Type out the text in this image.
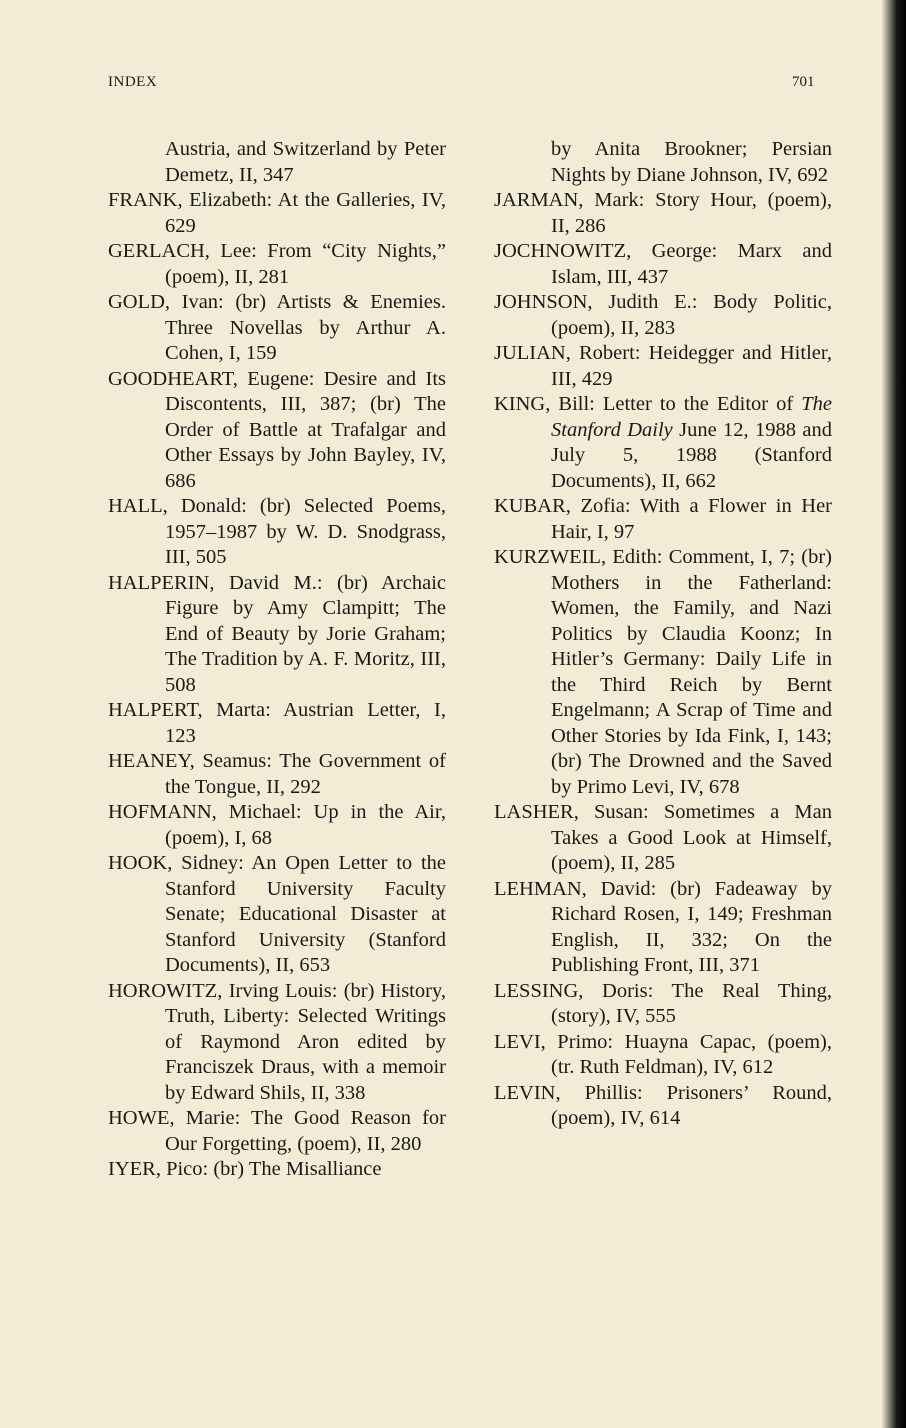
INDEX	701

Austria, and Switzerland by Peter Demetz, II, 347

FRANK, Elizabeth: At the Galleries, IV, 629

GERLACH, Lee: From “City Nights,” (poem), II, 281

GOLD, Ivan: (br) Artists & Enemies. Three Novellas by Arthur A. Cohen, I, 159

GOODHEART, Eugene: Desire and Its Discontents, III, 387; (br) The Order of Battle at Trafalgar and Other Essays by John Bayley, IV, 686

HALL, Donald: (br) Selected Poems, 1957–1987 by W. D. Snodgrass, III, 505

HALPERIN, David M.: (br) Archaic Figure by Amy Clampitt; The End of Beauty by Jorie Graham; The Tradition by A. F. Moritz, III, 508

HALPERT, Marta: Austrian Letter, I, 123

HEANEY, Seamus: The Government of the Tongue, II, 292

HOFMANN, Michael: Up in the Air, (poem), I, 68

HOOK, Sidney: An Open Letter to the Stanford University Faculty Senate; Educational Disaster at Stanford University (Stanford Documents), II, 653

HOROWITZ, Irving Louis: (br) History, Truth, Liberty: Selected Writings of Raymond Aron edited by Franciszek Draus, with a memoir by Edward Shils, II, 338

HOWE, Marie: The Good Reason for Our Forgetting, (poem), II, 280

IYER, Pico: (br) The Misalliance

by Anita Brookner; Persian Nights by Diane Johnson, IV, 692

JARMAN, Mark: Story Hour, (poem), II, 286

JOCHNOWITZ, George: Marx and Islam, III, 437

JOHNSON, Judith E.: Body Politic, (poem), II, 283

JULIAN, Robert: Heidegger and Hitler, III, 429

KING, Bill: Letter to the Editor of The Stanford Daily June 12, 1988 and July 5, 1988 (Stanford Documents), II, 662

KUBAR, Zofia: With a Flower in Her Hair, I, 97

KURZWEIL, Edith: Comment, I, 7; (br) Mothers in the Fatherland: Women, the Family, and Nazi Politics by Claudia Koonz; In Hitler’s Germany: Daily Life in the Third Reich by Bernt Engelmann; A Scrap of Time and Other Stories by Ida Fink, I, 143; (br) The Drowned and the Saved by Primo Levi, IV, 678

LASHER, Susan: Sometimes a Man Takes a Good Look at Himself, (poem), II, 285

LEHMAN, David: (br) Fadeaway by Richard Rosen, I, 149; Freshman English, II, 332; On the Publishing Front, III, 371

LESSING, Doris: The Real Thing, (story), IV, 555

LEVI, Primo: Huayna Capac, (poem), (tr. Ruth Feldman), IV, 612

LEVIN, Phillis: Prisoners’ Round, (poem), IV, 614
